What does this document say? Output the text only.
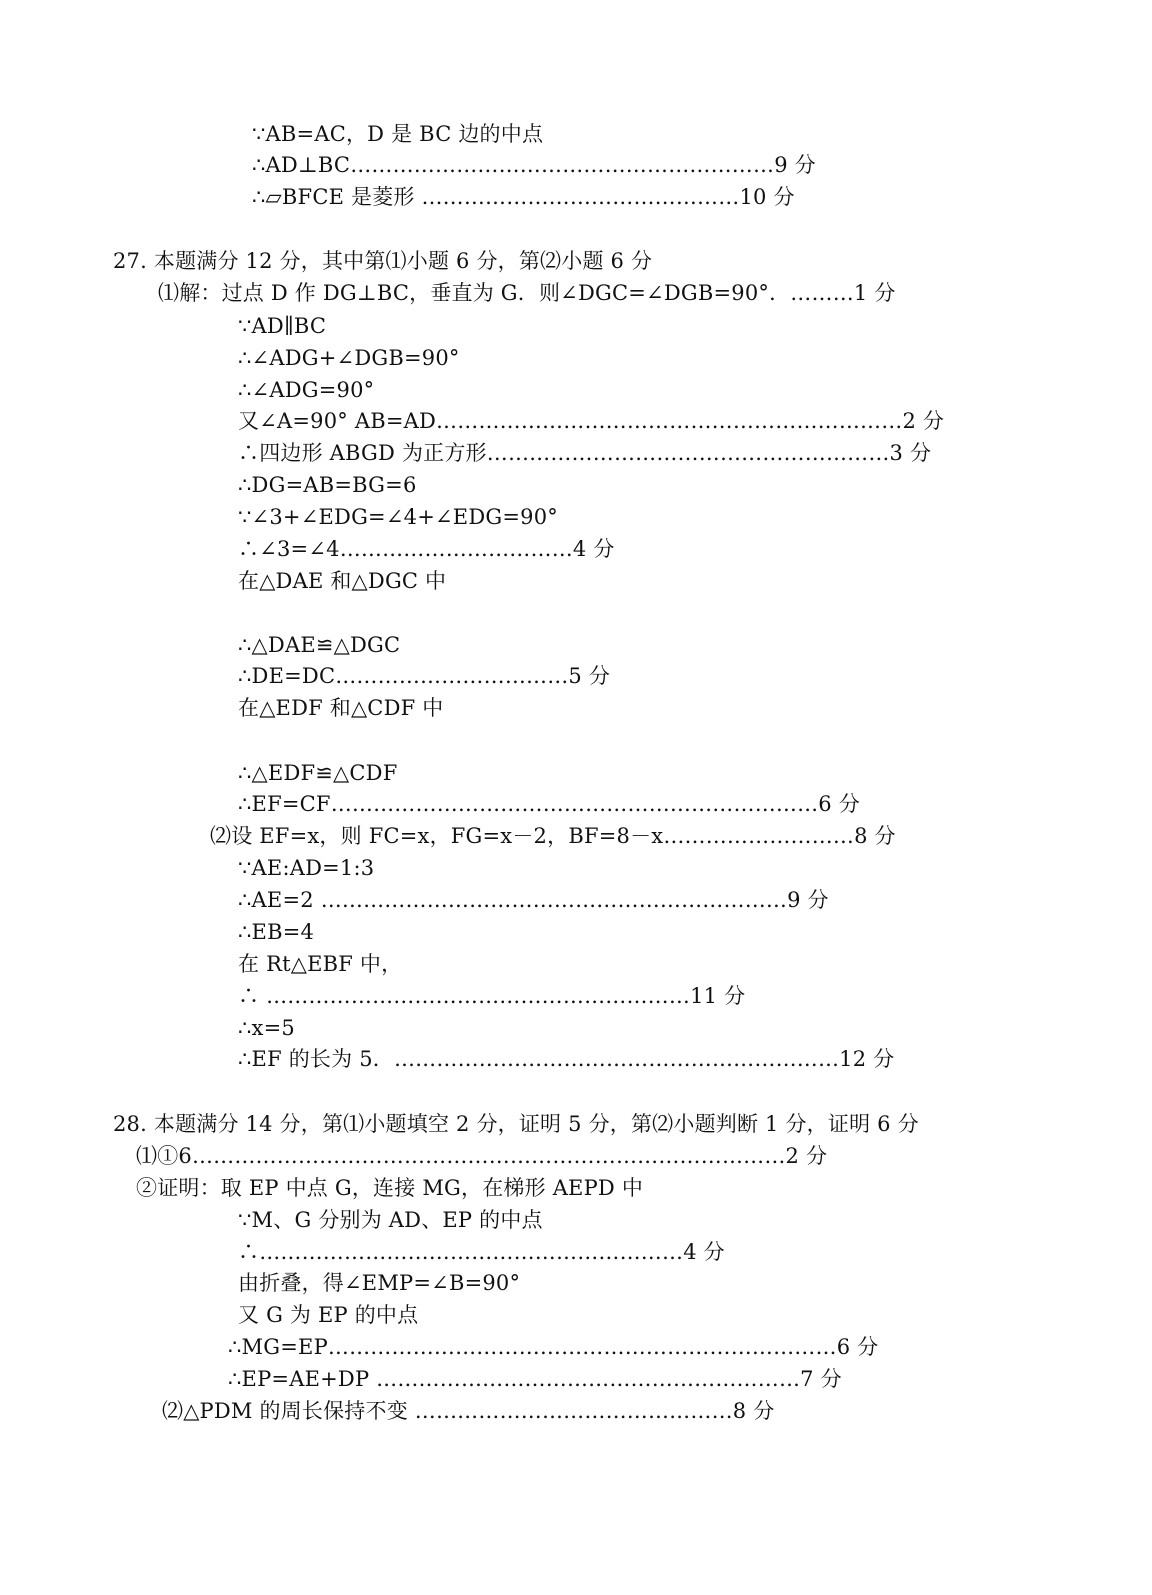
∵AB=AC，D 是 BC 边的中点
∴AD⊥BC……………………………………………………9 分
∴▱BFCE 是菱形 ………………………………………10 分
27. 本题满分 12 分，其中第⑴小题 6 分，第⑵小题 6 分
⑴解：过点 D 作 DG⊥BC，垂直为 G．则∠DGC=∠DGB=90°．………1 分
∵AD∥BC
∴∠ADG+∠DGB=90°
∴∠ADG=90°
又∠A=90° AB=AD…………………………………………………………2 分
∴四边形 ABGD 为正方形…………………………………………………3 分
∴DG=AB=BG=6
∵∠3+∠EDG=∠4+∠EDG=90°
∴∠3=∠4……………………………4 分
在△DAE 和△DGC 中
∴△DAE≌△DGC
∴DE=DC……………………………5 分
在△EDF 和△CDF 中
∴△EDF≌△CDF
∴EF=CF……………………………………………………………6 分
⑵设 EF=x，则 FC=x，FG=x－2，BF=8－x………………………8 分
∵AE:AD=1:3
∴AE=2 …………………………………………………………9 分
∴EB=4
在 Rt△EBF 中，
∴ ……………………………………………………11 分
∴x=5
∴EF 的长为 5．………………………………………………………12 分
28. 本题满分 14 分，第⑴小题填空 2 分，证明 5 分，第⑵小题判断 1 分，证明 6 分
⑴①6…………………………………………………………………………2 分
②证明：取 EP 中点 G，连接 MG，在梯形 AEPD 中
∵M、G 分别为 AD、EP 的中点
∴……………………………………………………4 分
由折叠，得∠EMP=∠B=90°
又 G 为 EP 的中点
∴MG=EP………………………………………………………………6 分
∴EP=AE+DP ……………………………………………………7 分
⑵△PDM 的周长保持不变 ………………………………………8 分
